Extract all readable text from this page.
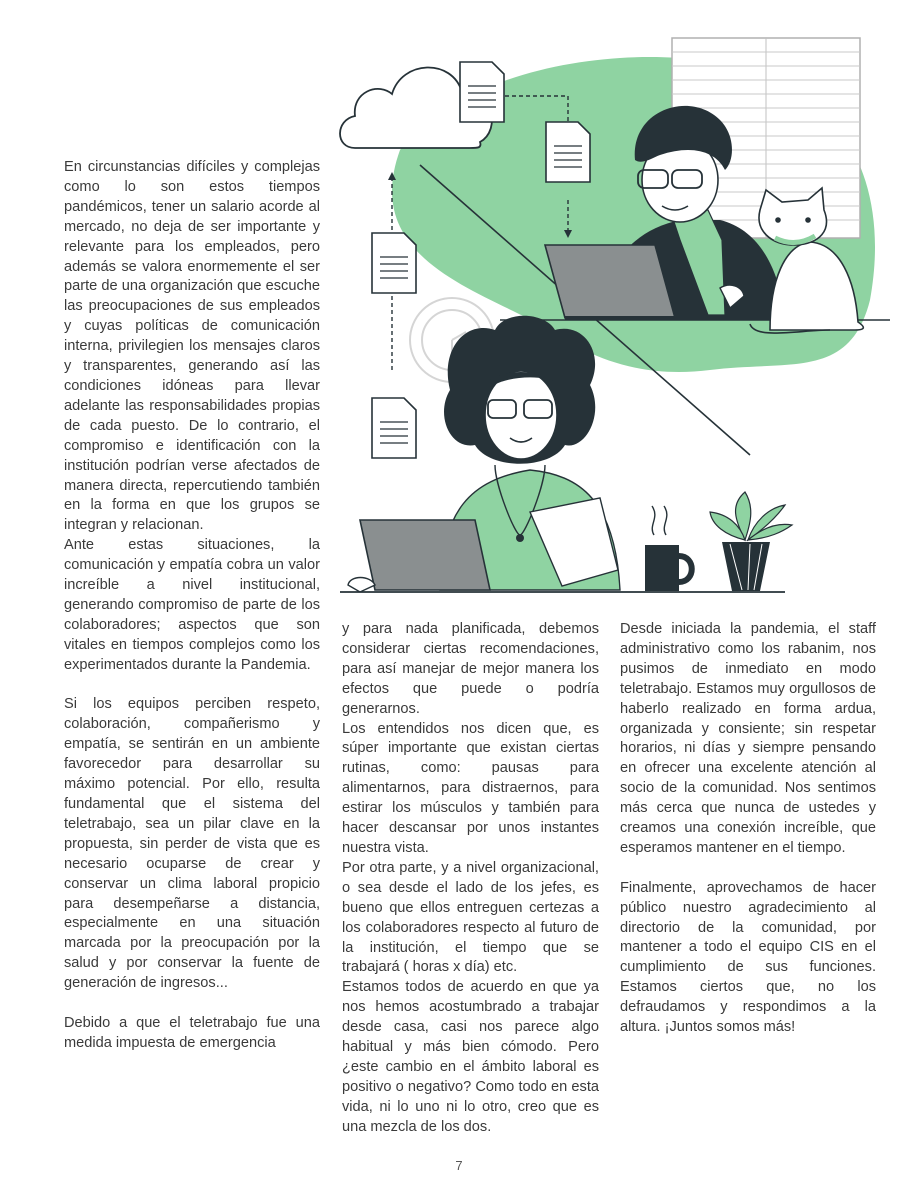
En circunstancias difíciles y complejas como lo son estos tiempos pandémicos, tener un salario acorde al mercado, no deja de ser importante y relevante para los empleados, pero además se valora enormemente el ser parte de una organización que escuche las preocupaciones de sus empleados y cuyas políticas de comunicación interna, privilegien los mensajes claros y transparentes, generando así las condiciones idóneas para llevar adelante las responsabilidades propias de cada puesto. De lo contrario, el compromiso e identificación con la institución podrían verse afectados de manera directa, repercutiendo también en la forma en que los grupos se integran y relacionan.

Ante estas situaciones, la comunicación y empatía cobra un valor increíble a nivel institucional, generando compromiso de parte de los colaboradores; aspectos que son vitales en tiempos complejos como los experimentados durante la Pandemia.

Si los equipos perciben respeto, colaboración, compañerismo y empatía, se sentirán en un ambiente favorecedor para desarrollar su máximo potencial. Por ello, resulta fundamental que el sistema del teletrabajo, sea un pilar clave en la propuesta, sin perder de vista que es necesario ocuparse de crear y conservar un clima laboral propicio para desempeñarse a distancia, especialmente en una situación marcada por la preocupación por la salud y por conservar la fuente de generación de ingresos...

Debido a que el teletrabajo fue una medida impuesta de emergencia

y para nada planificada, debemos considerar ciertas recomendaciones, para así manejar de mejor manera los efectos que puede o podría generarnos.

Los entendidos nos dicen que, es súper importante que existan ciertas rutinas, como: pausas para alimentarnos, para distraernos, para estirar los músculos y también para hacer descansar por unos instantes nuestra vista.

Por otra parte, y a nivel organizacional, o sea desde el lado de los jefes, es bueno que ellos entreguen certezas a los colaboradores respecto al futuro de la institución, el tiempo que se trabajará ( horas x día) etc.

Estamos todos de acuerdo en que ya nos hemos acostumbrado a trabajar desde casa, casi nos parece algo habitual y más bien cómodo. Pero ¿este cambio en el ámbito laboral es positivo o negativo? Como todo en esta vida, ni lo uno ni lo otro, creo que es una mezcla de los dos.

Desde iniciada la pandemia, el staff administrativo como los rabanim, nos pusimos de inmediato en modo teletrabajo. Estamos muy orgullosos de haberlo realizado en forma ardua, organizada y consiente; sin respetar horarios, ni días y siempre pensando en ofrecer una excelente atención al socio de la comunidad. Nos sentimos más cerca que nunca de ustedes y creamos una conexión increíble, que esperamos mantener en el tiempo.

Finalmente, aprovechamos de hacer público nuestro agradecimiento al directorio de la comunidad, por mantener a todo el equipo CIS en el cumplimiento de sus funciones. Estamos ciertos que, no los defraudamos y respondimos a la altura. ¡Juntos somos más!

7
